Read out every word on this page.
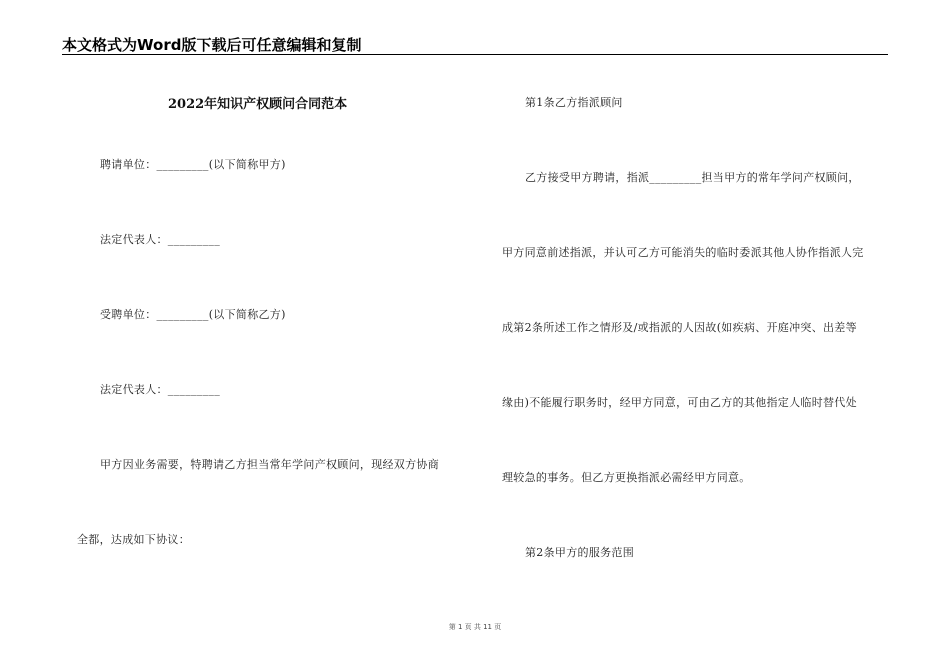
本文格式为Word版下载后可任意编辑和复制
2022年知识产权顾问合同范本
聘请单位：_________(以下简称甲方)
法定代表人：_________
受聘单位：_________(以下简称乙方)
法定代表人：_________
甲方因业务需要，特聘请乙方担当常年学问产权顾问，现经双方协商
全都，达成如下协议：
第1条乙方指派顾问
乙方接受甲方聘请，指派_________担当甲方的常年学问产权顾问，
甲方同意前述指派，并认可乙方可能消失的临时委派其他人协作指派人完
成第2条所述工作之情形及/或指派的人因故(如疾病、开庭冲突、出差等
缘由)不能履行职务时，经甲方同意，可由乙方的其他指定人临时替代处
理较急的事务。但乙方更换指派必需经甲方同意。
第2条甲方的服务范围
第 1 页 共 11 页
